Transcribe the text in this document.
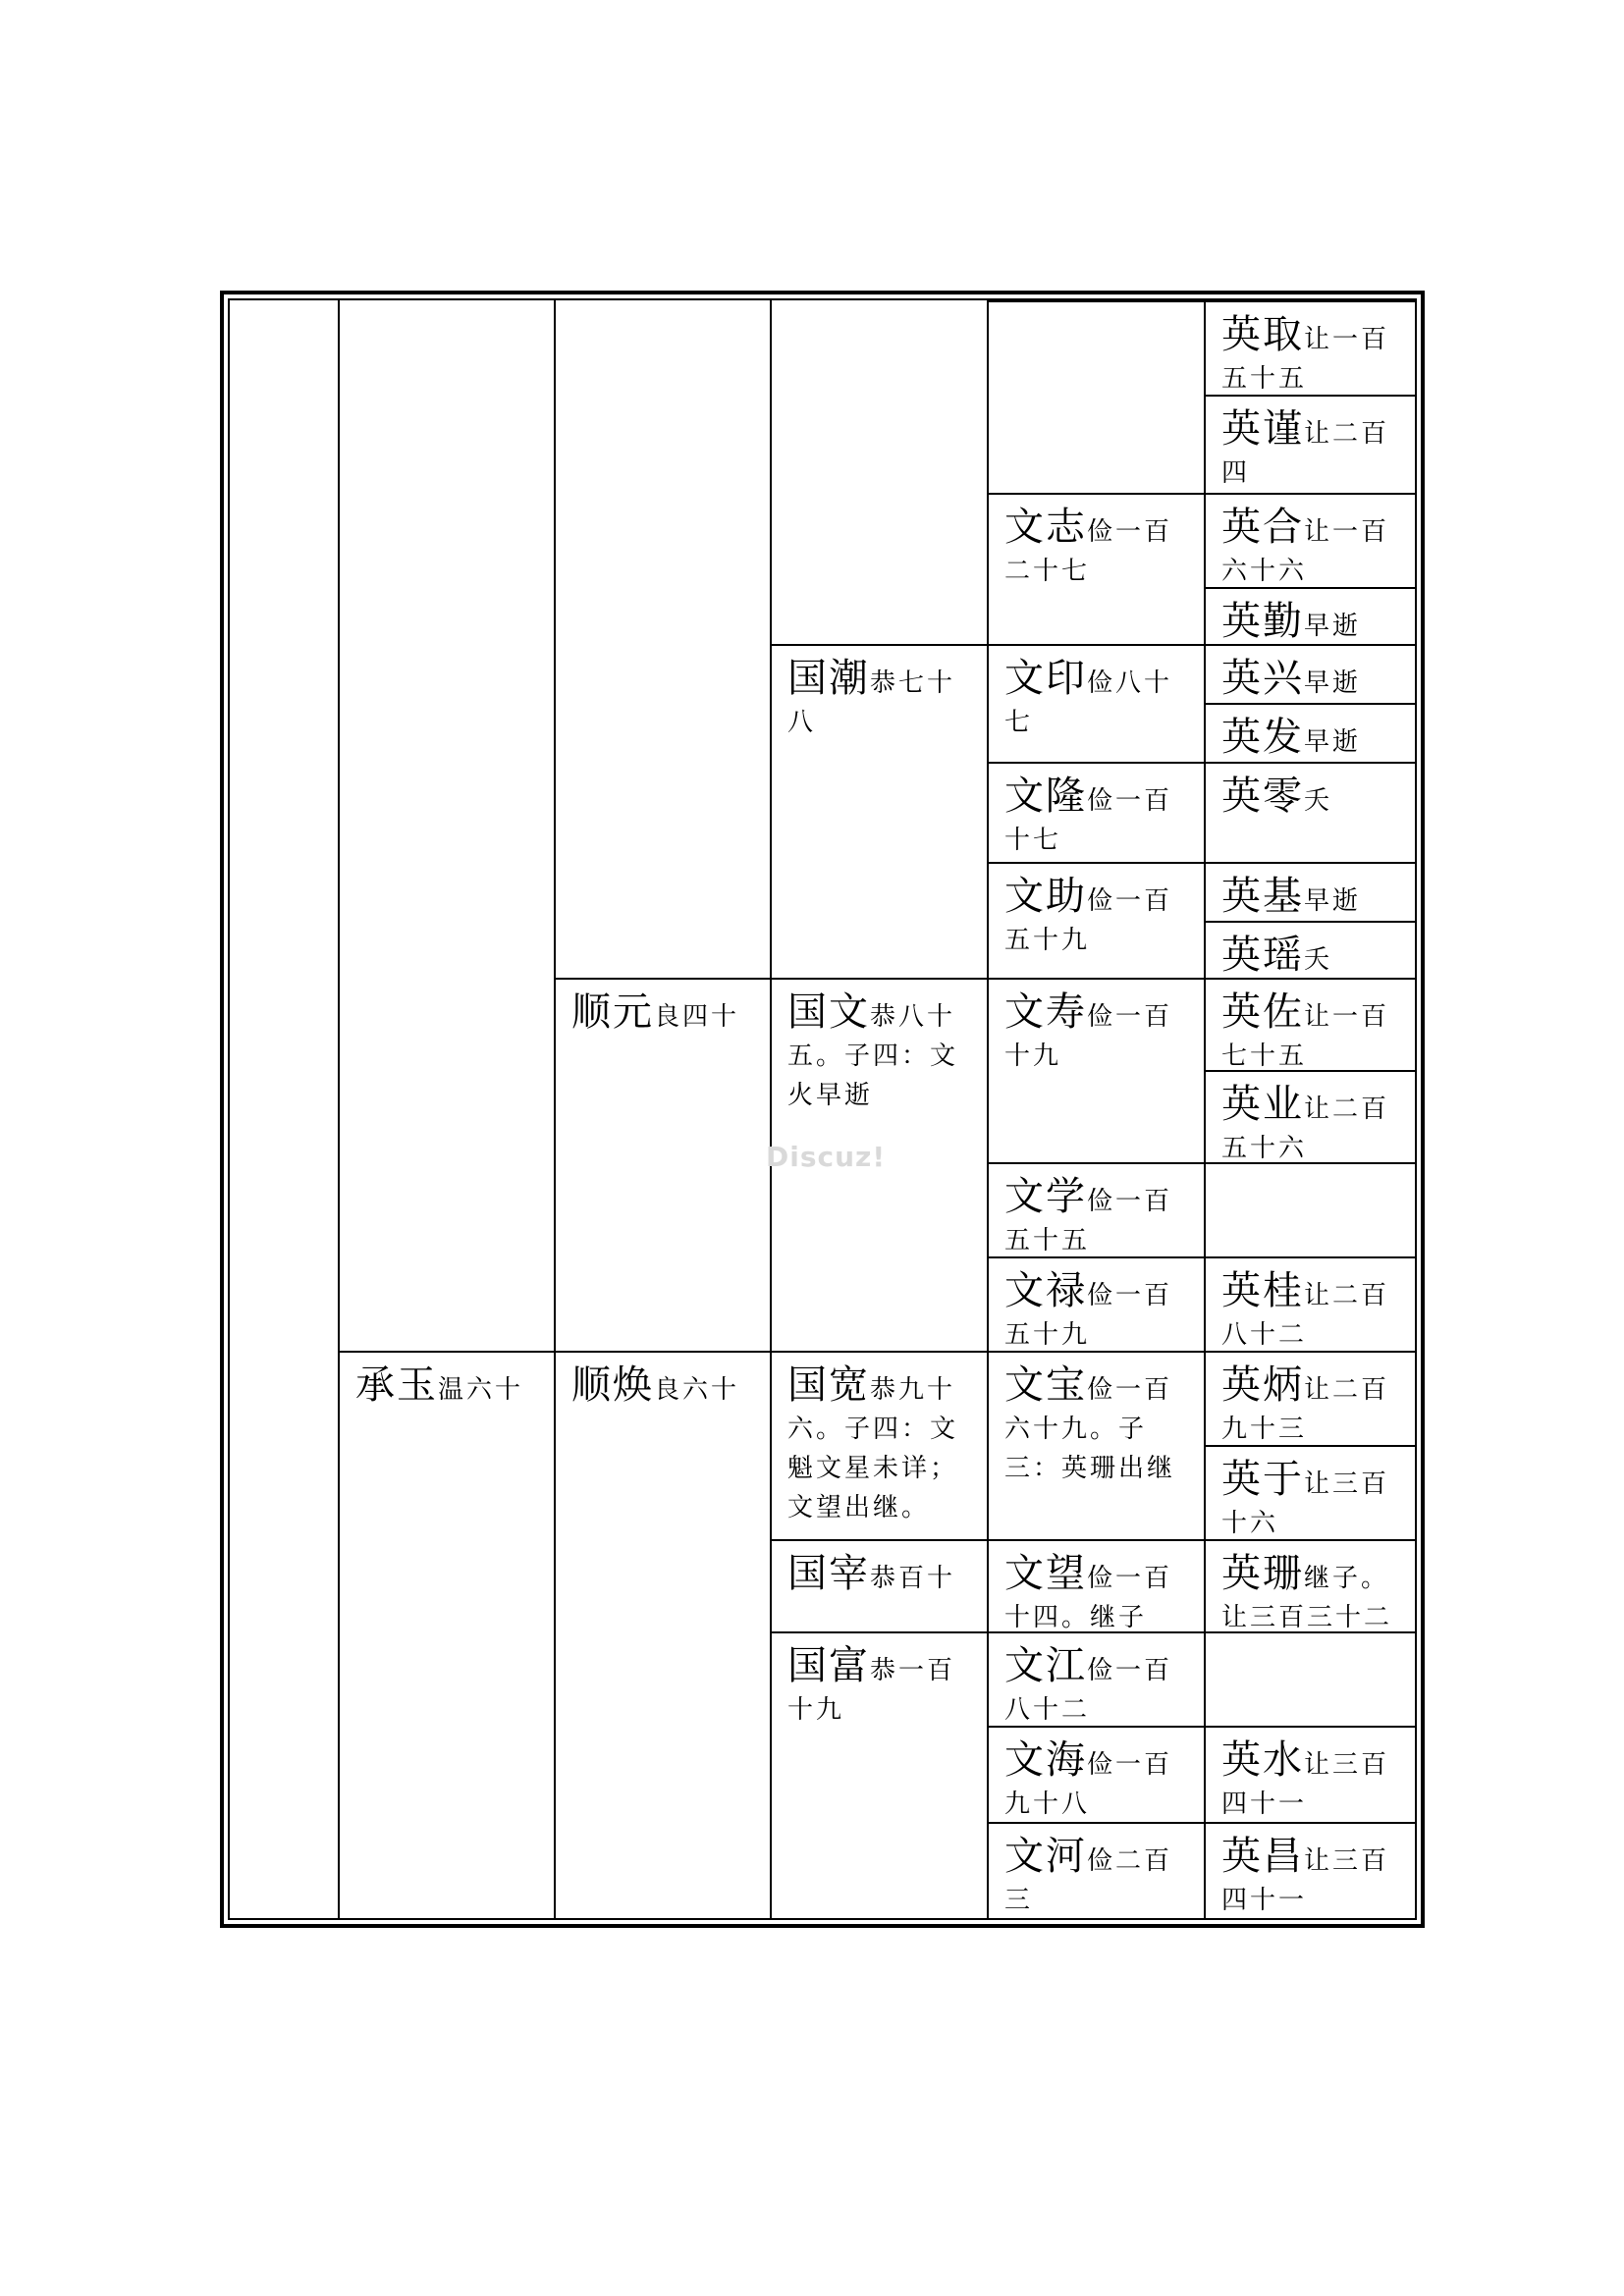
承玉温六十
顺元良四十
顺焕良六十
国潮恭七十八
国文恭八十五。子四：文火早逝
国宽恭九十六。子四：文魁文星未详；文望出继。
国宰恭百十
国富恭一百十九
文志俭一百二十七
文印俭八十七
文隆俭一百十七
文助俭一百五十九
文寿俭一百十九
文学俭一百五十五
文禄俭一百五十九
文宝俭一百六十九。子三：英珊出继
文望俭一百十四。继子
文江俭一百八十二
文海俭一百九十八
文河俭二百三
英取让一百五十五
英谨让二百四
英合让一百六十六
英勤早逝
英兴早逝
英发早逝
英零夭
英基早逝
英瑶夭
英佐让一百七十五
英业让二百五十六
英桂让二百八十二
英炳让二百九十三
英于让三百十六
英珊继子。让三百三十二
英水让三百四十一
英昌让三百四十一
Discuz!
